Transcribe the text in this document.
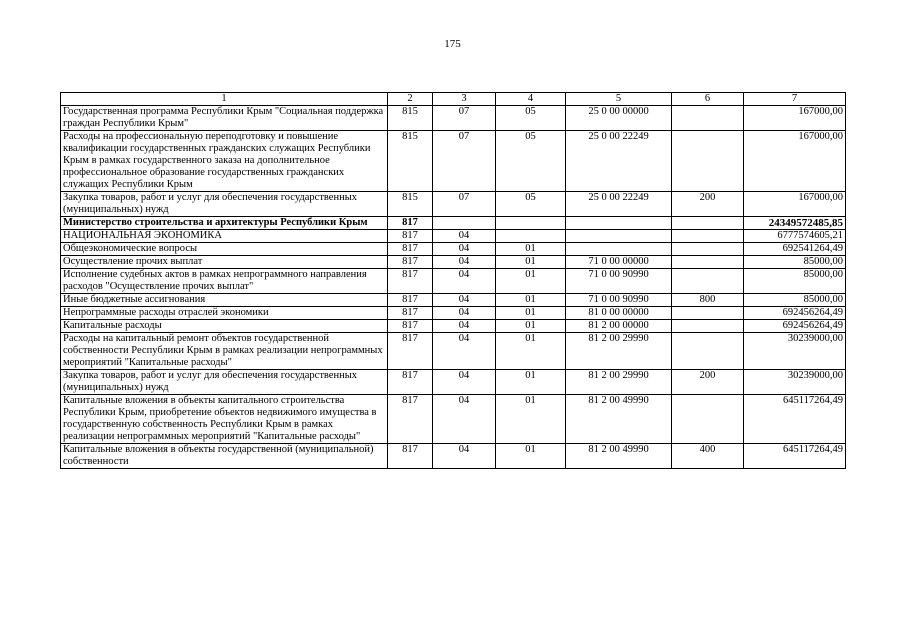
175
1	2	3	4	5	6	7
Государственная программа Республики Крым "Социальная поддержка граждан Республики Крым"	815	07	05	25 0 00 00000		167000,00
Расходы на профессиональную переподготовку и повышение квалификации государственных гражданских служащих Республики Крым в рамках государственного заказа на дополнительное профессиональное образование государственных гражданских служащих Республики Крым	815	07	05	25 0 00 22249		167000,00
Закупка товаров, работ и услуг для обеспечения государственных (муниципальных) нужд	815	07	05	25 0 00 22249	200	167000,00
Министерство строительства и архитектуры Республики Крым	817					24349572485,85
НАЦИОНАЛЬНАЯ ЭКОНОМИКА	817	04				6777574605,21
Общеэкономические вопросы	817	04	01			692541264,49
Осуществление прочих выплат	817	04	01	71 0 00 00000		85000,00
Исполнение судебных актов в рамках непрограммного направления расходов "Осуществление прочих выплат"	817	04	01	71 0 00 90990		85000,00
Иные бюджетные ассигнования	817	04	01	71 0 00 90990	800	85000,00
Непрограммные расходы отраслей экономики	817	04	01	81 0 00 00000		692456264,49
Капитальные расходы	817	04	01	81 2 00 00000		692456264,49
Расходы на капитальный ремонт объектов государственной собственности Республики Крым в рамках реализации непрограммных мероприятий "Капитальные расходы"	817	04	01	81 2 00 29990		30239000,00
Закупка товаров, работ и услуг для обеспечения государственных (муниципальных) нужд	817	04	01	81 2 00 29990	200	30239000,00
Капитальные вложения в объекты капитального строительства Республики Крым, приобретение объектов недвижимого имущества в государственную собственность Республики Крым в рамках реализации непрограммных мероприятий "Капитальные расходы"	817	04	01	81 2 00 49990		645117264,49
Капитальные вложения в объекты государственной (муниципальной) собственности	817	04	01	81 2 00 49990	400	645117264,49
